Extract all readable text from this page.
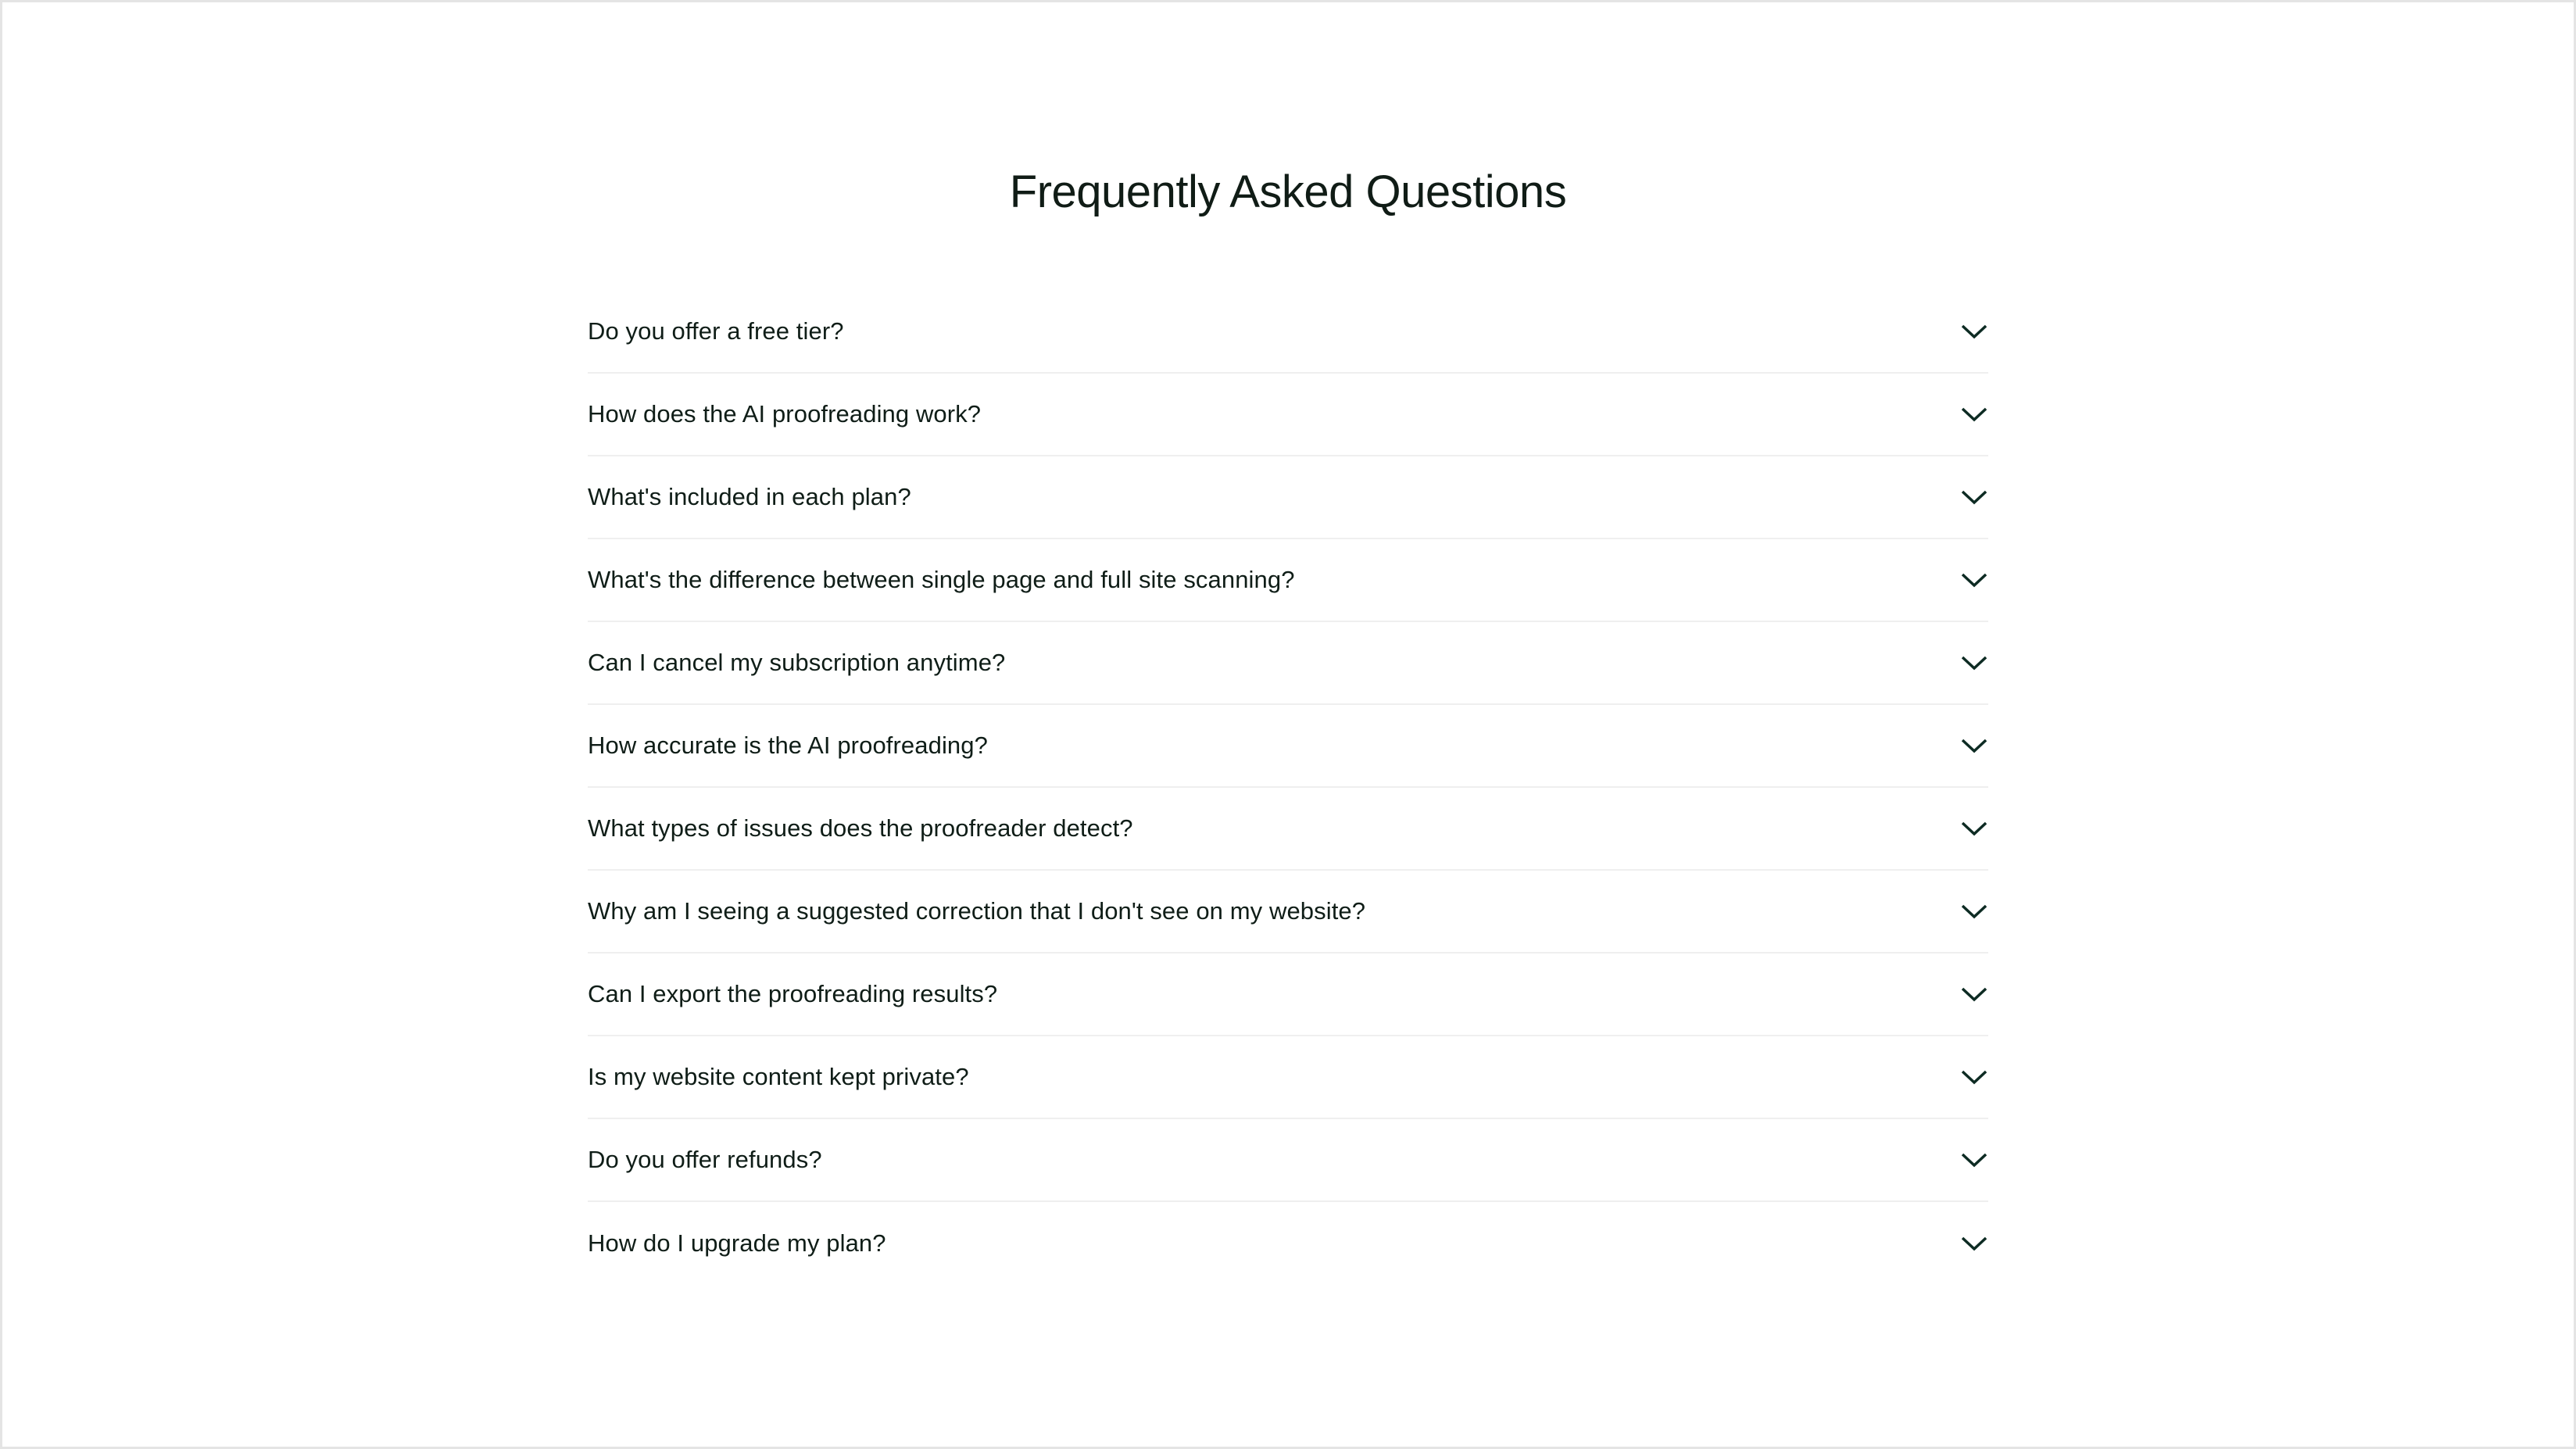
Frequently Asked Questions
Do you offer a free tier?
How does the AI proofreading work?
What's included in each plan?
What's the difference between single page and full site scanning?
Can I cancel my subscription anytime?
How accurate is the AI proofreading?
What types of issues does the proofreader detect?
Why am I seeing a suggested correction that I don't see on my website?
Can I export the proofreading results?
Is my website content kept private?
Do you offer refunds?
How do I upgrade my plan?
